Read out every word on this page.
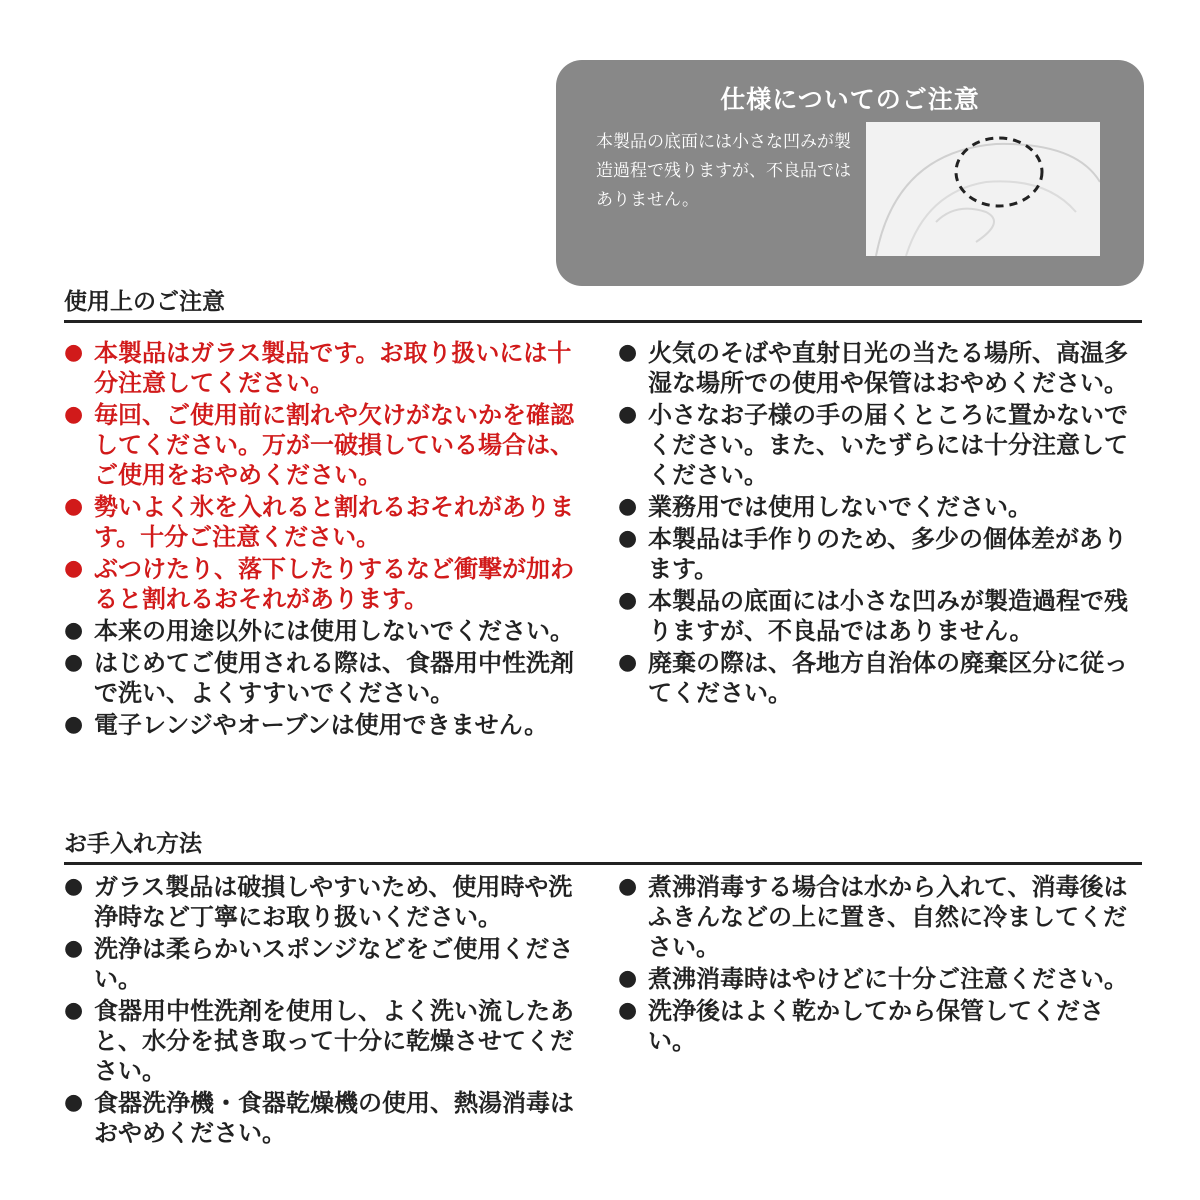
仕様についてのご注意
本製品の底面には小さな凹みが製造過程で残りますが、不良品ではありません。
使用上のご注意
● 本製品はガラス製品です。お取り扱いには十分注意してください。
● 毎回、ご使用前に割れや欠けがないかを確認してください。万が一破損している場合は、ご使用をおやめください。
● 勢いよく氷を入れると割れるおそれがあります。十分ご注意ください。
● ぶつけたり、落下したりするなど衝撃が加わると割れるおそれがあります。
● 本来の用途以外には使用しないでください。
● はじめてご使用される際は、食器用中性洗剤で洗い、よくすすいでください。
● 電子レンジやオーブンは使用できません。
● 火気のそばや直射日光の当たる場所、高温多湿な場所での使用や保管はおやめください。
● 小さなお子様の手の届くところに置かないでください。また、いたずらには十分注意してください。
● 業務用では使用しないでください。
● 本製品は手作りのため、多少の個体差があります。
● 本製品の底面には小さな凹みが製造過程で残りますが、不良品ではありません。
● 廃棄の際は、各地方自治体の廃棄区分に従ってください。
お手入れ方法
● ガラス製品は破損しやすいため、使用時や洗浄時など丁寧にお取り扱いください。
● 洗浄は柔らかいスポンジなどをご使用ください。
● 食器用中性洗剤を使用し、よく洗い流したあと、水分を拭き取って十分に乾燥させてください。
● 食器洗浄機・食器乾燥機の使用、熱湯消毒はおやめください。
● 煮沸消毒する場合は水から入れて、消毒後はふきんなどの上に置き、自然に冷ましてください。
● 煮沸消毒時はやけどに十分ご注意ください。
● 洗浄後はよく乾かしてから保管してください。
